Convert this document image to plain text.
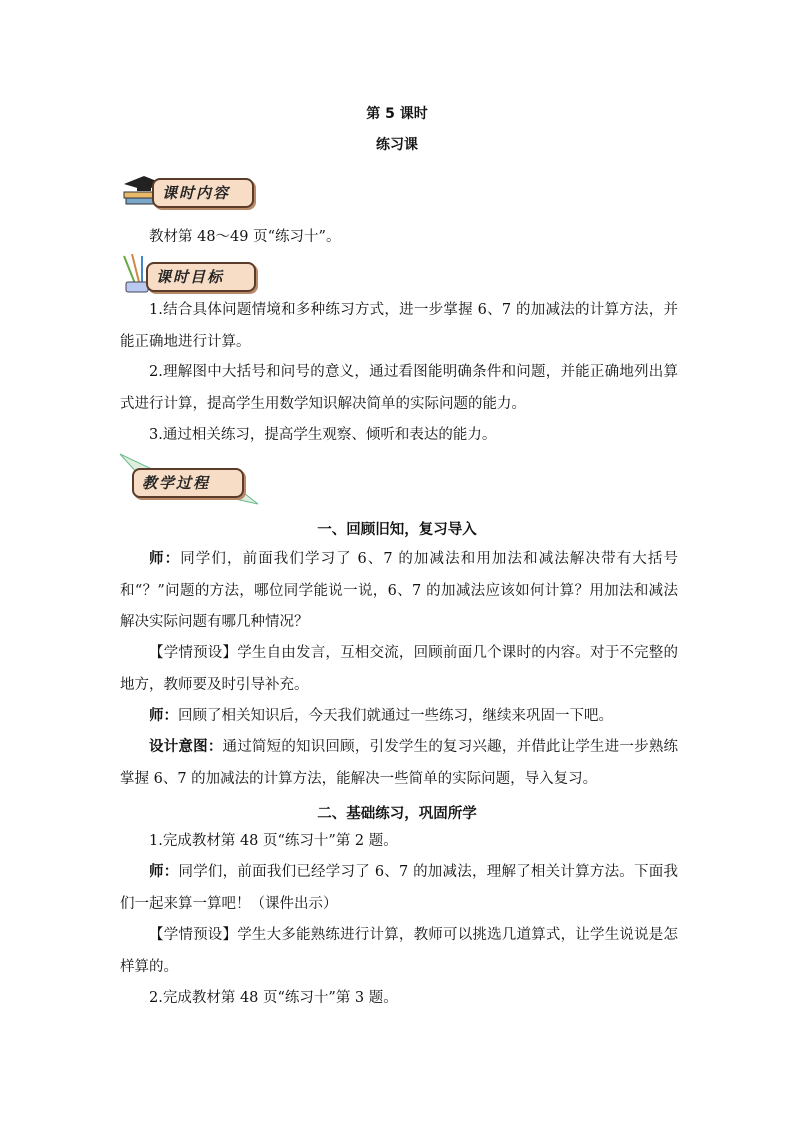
第 5 课时
练习课
课时内容
教材第 48～49 页“练习十”。
课时目标
1.结合具体问题情境和多种练习方式，进一步掌握 6、7 的加减法的计算方法，并能正确地进行计算。
2.理解图中大括号和问号的意义，通过看图能明确条件和问题，并能正确地列出算式进行计算，提高学生用数学知识解决简单的实际问题的能力。
3.通过相关练习，提高学生观察、倾听和表达的能力。
教学过程
一、回顾旧知，复习导入
师：同学们，前面我们学习了 6、7 的加减法和用加法和减法解决带有大括号和“？”问题的方法，哪位同学能说一说，6、7 的加减法应该如何计算？用加法和减法解决实际问题有哪几种情况？
【学情预设】学生自由发言，互相交流，回顾前面几个课时的内容。对于不完整的地方，教师要及时引导补充。
师：回顾了相关知识后，今天我们就通过一些练习，继续来巩固一下吧。
设计意图：通过简短的知识回顾，引发学生的复习兴趣，并借此让学生进一步熟练掌握 6、7 的加减法的计算方法，能解决一些简单的实际问题，导入复习。
二、基础练习，巩固所学
1.完成教材第 48 页“练习十”第 2 题。
师：同学们，前面我们已经学习了 6、7 的加减法，理解了相关计算方法。下面我们一起来算一算吧！（课件出示）
【学情预设】学生大多能熟练进行计算，教师可以挑选几道算式，让学生说说是怎样算的。
2.完成教材第 48 页“练习十”第 3 题。
